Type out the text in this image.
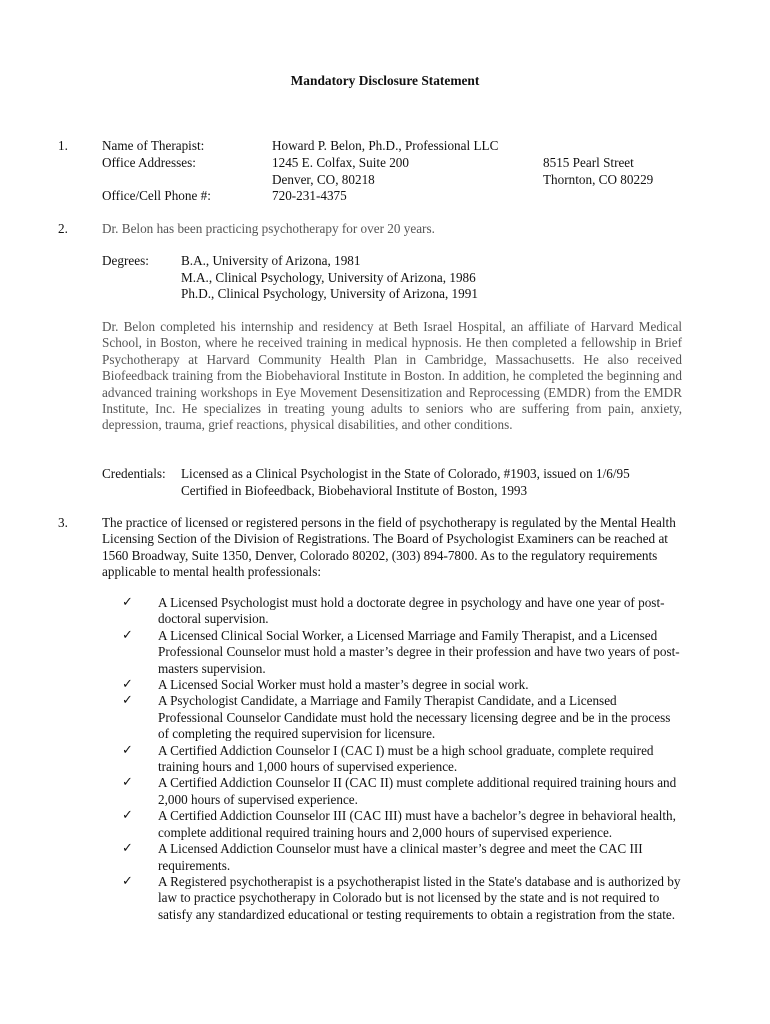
Mandatory Disclosure Statement
1.	Name of Therapist:	Howard P. Belon, Ph.D., Professional LLC
Office Addresses:	1245 E. Colfax, Suite 200	8515 Pearl Street
Denver, CO, 80218	Thornton, CO 80229
Office/Cell Phone #:	720-231-4375
2.	Dr. Belon has been practicing psychotherapy for over 20 years.
Degrees: B.A., University of Arizona, 1981
M.A., Clinical Psychology, University of Arizona, 1986
Ph.D., Clinical Psychology, University of Arizona, 1991
Dr. Belon completed his internship and residency at Beth Israel Hospital, an affiliate of Harvard Medical School, in Boston, where he received training in medical hypnosis. He then completed a fellowship in Brief Psychotherapy at Harvard Community Health Plan in Cambridge, Massachusetts. He also received Biofeedback training from the Biobehavioral Institute in Boston. In addition, he completed the beginning and advanced training workshops in Eye Movement Desensitization and Reprocessing (EMDR) from the EMDR Institute, Inc. He specializes in treating young adults to seniors who are suffering from pain, anxiety, depression, trauma, grief reactions, physical disabilities, and other conditions.
Credentials: Licensed as a Clinical Psychologist in the State of Colorado, #1903, issued on 1/6/95
Certified in Biofeedback, Biobehavioral Institute of Boston, 1993
3.	The practice of licensed or registered persons in the field of psychotherapy is regulated by the Mental Health Licensing Section of the Division of Registrations. The Board of Psychologist Examiners can be reached at 1560 Broadway, Suite 1350, Denver, Colorado 80202, (303) 894-7800. As to the regulatory requirements applicable to mental health professionals:
✓ A Licensed Psychologist must hold a doctorate degree in psychology and have one year of post- doctoral supervision.
✓ A Licensed Clinical Social Worker, a Licensed Marriage and Family Therapist, and a Licensed Professional Counselor must hold a master’s degree in their profession and have two years of post- masters supervision.
✓ A Licensed Social Worker must hold a master’s degree in social work.
✓ A Psychologist Candidate, a Marriage and Family Therapist Candidate, and a Licensed Professional Counselor Candidate must hold the necessary licensing degree and be in the process of completing the required supervision for licensure.
✓ A Certified Addiction Counselor I (CAC I) must be a high school graduate, complete required training hours and 1,000 hours of supervised experience.
✓ A Certified Addiction Counselor II (CAC II) must complete additional required training hours and 2,000 hours of supervised experience.
✓ A Certified Addiction Counselor III (CAC III) must have a bachelor’s degree in behavioral health, complete additional required training hours and 2,000 hours of supervised experience.
✓ A Licensed Addiction Counselor must have a clinical master’s degree and meet the CAC III requirements.
✓ A Registered psychotherapist is a psychotherapist listed in the State's database and is authorized by law to practice psychotherapy in Colorado but is not licensed by the state and is not required to satisfy any standardized educational or testing requirements to obtain a registration from the state.
